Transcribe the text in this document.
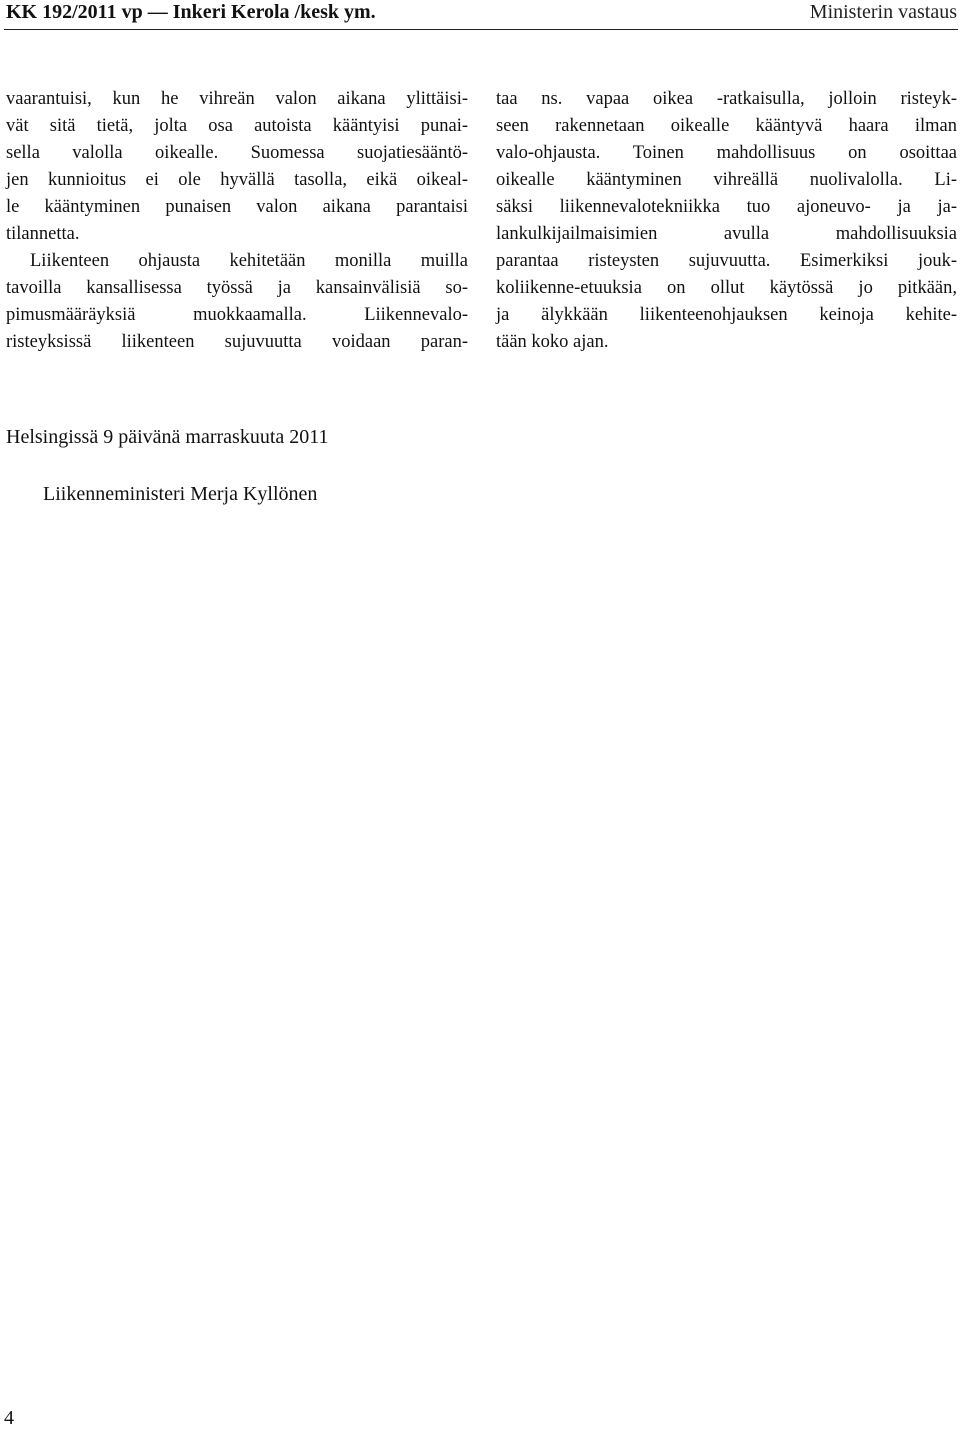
KK 192/2011 vp — Inkeri Kerola /kesk ym.	Ministerin vastaus
vaarantuisi, kun he vihreän valon aikana ylittäisi-
vät sitä tietä, jolta osa autoista kääntyisi punai-
sella valolla oikealle. Suomessa suojatiesääntö-
jen kunnioitus ei ole hyvällä tasolla, eikä oikeal-
le kääntyminen punaisen valon aikana parantaisi
tilannetta.
Liikenteen ohjausta kehitetään monilla muilla
tavoilla kansallisessa työssä ja kansainvälisiä so-
pimusmääräyksiä muokkaamalla. Liikennevalo-
risteyksissä liikenteen sujuvuutta voidaan paran-
taa ns. vapaa oikea -ratkaisulla, jolloin risteyk-
seen rakennetaan oikealle kääntyvä haara ilman
valo-ohjausta. Toinen mahdollisuus on osoittaa
oikealle kääntyminen vihreällä nuolivalolla. Li-
säksi liikennevalotekniikka tuo ajoneuvo- ja ja-
lankulkijailmaisimien avulla mahdollisuuksia
parantaa risteysten sujuvuutta. Esimerkiksi jouk-
koliikenne-etuuksia on ollut käytössä jo pitkään,
ja älykkään liikenteenohjauksen keinoja kehite-
tään koko ajan.
Helsingissä 9 päivänä marraskuuta 2011
Liikenneministeri Merja Kyllönen
4
